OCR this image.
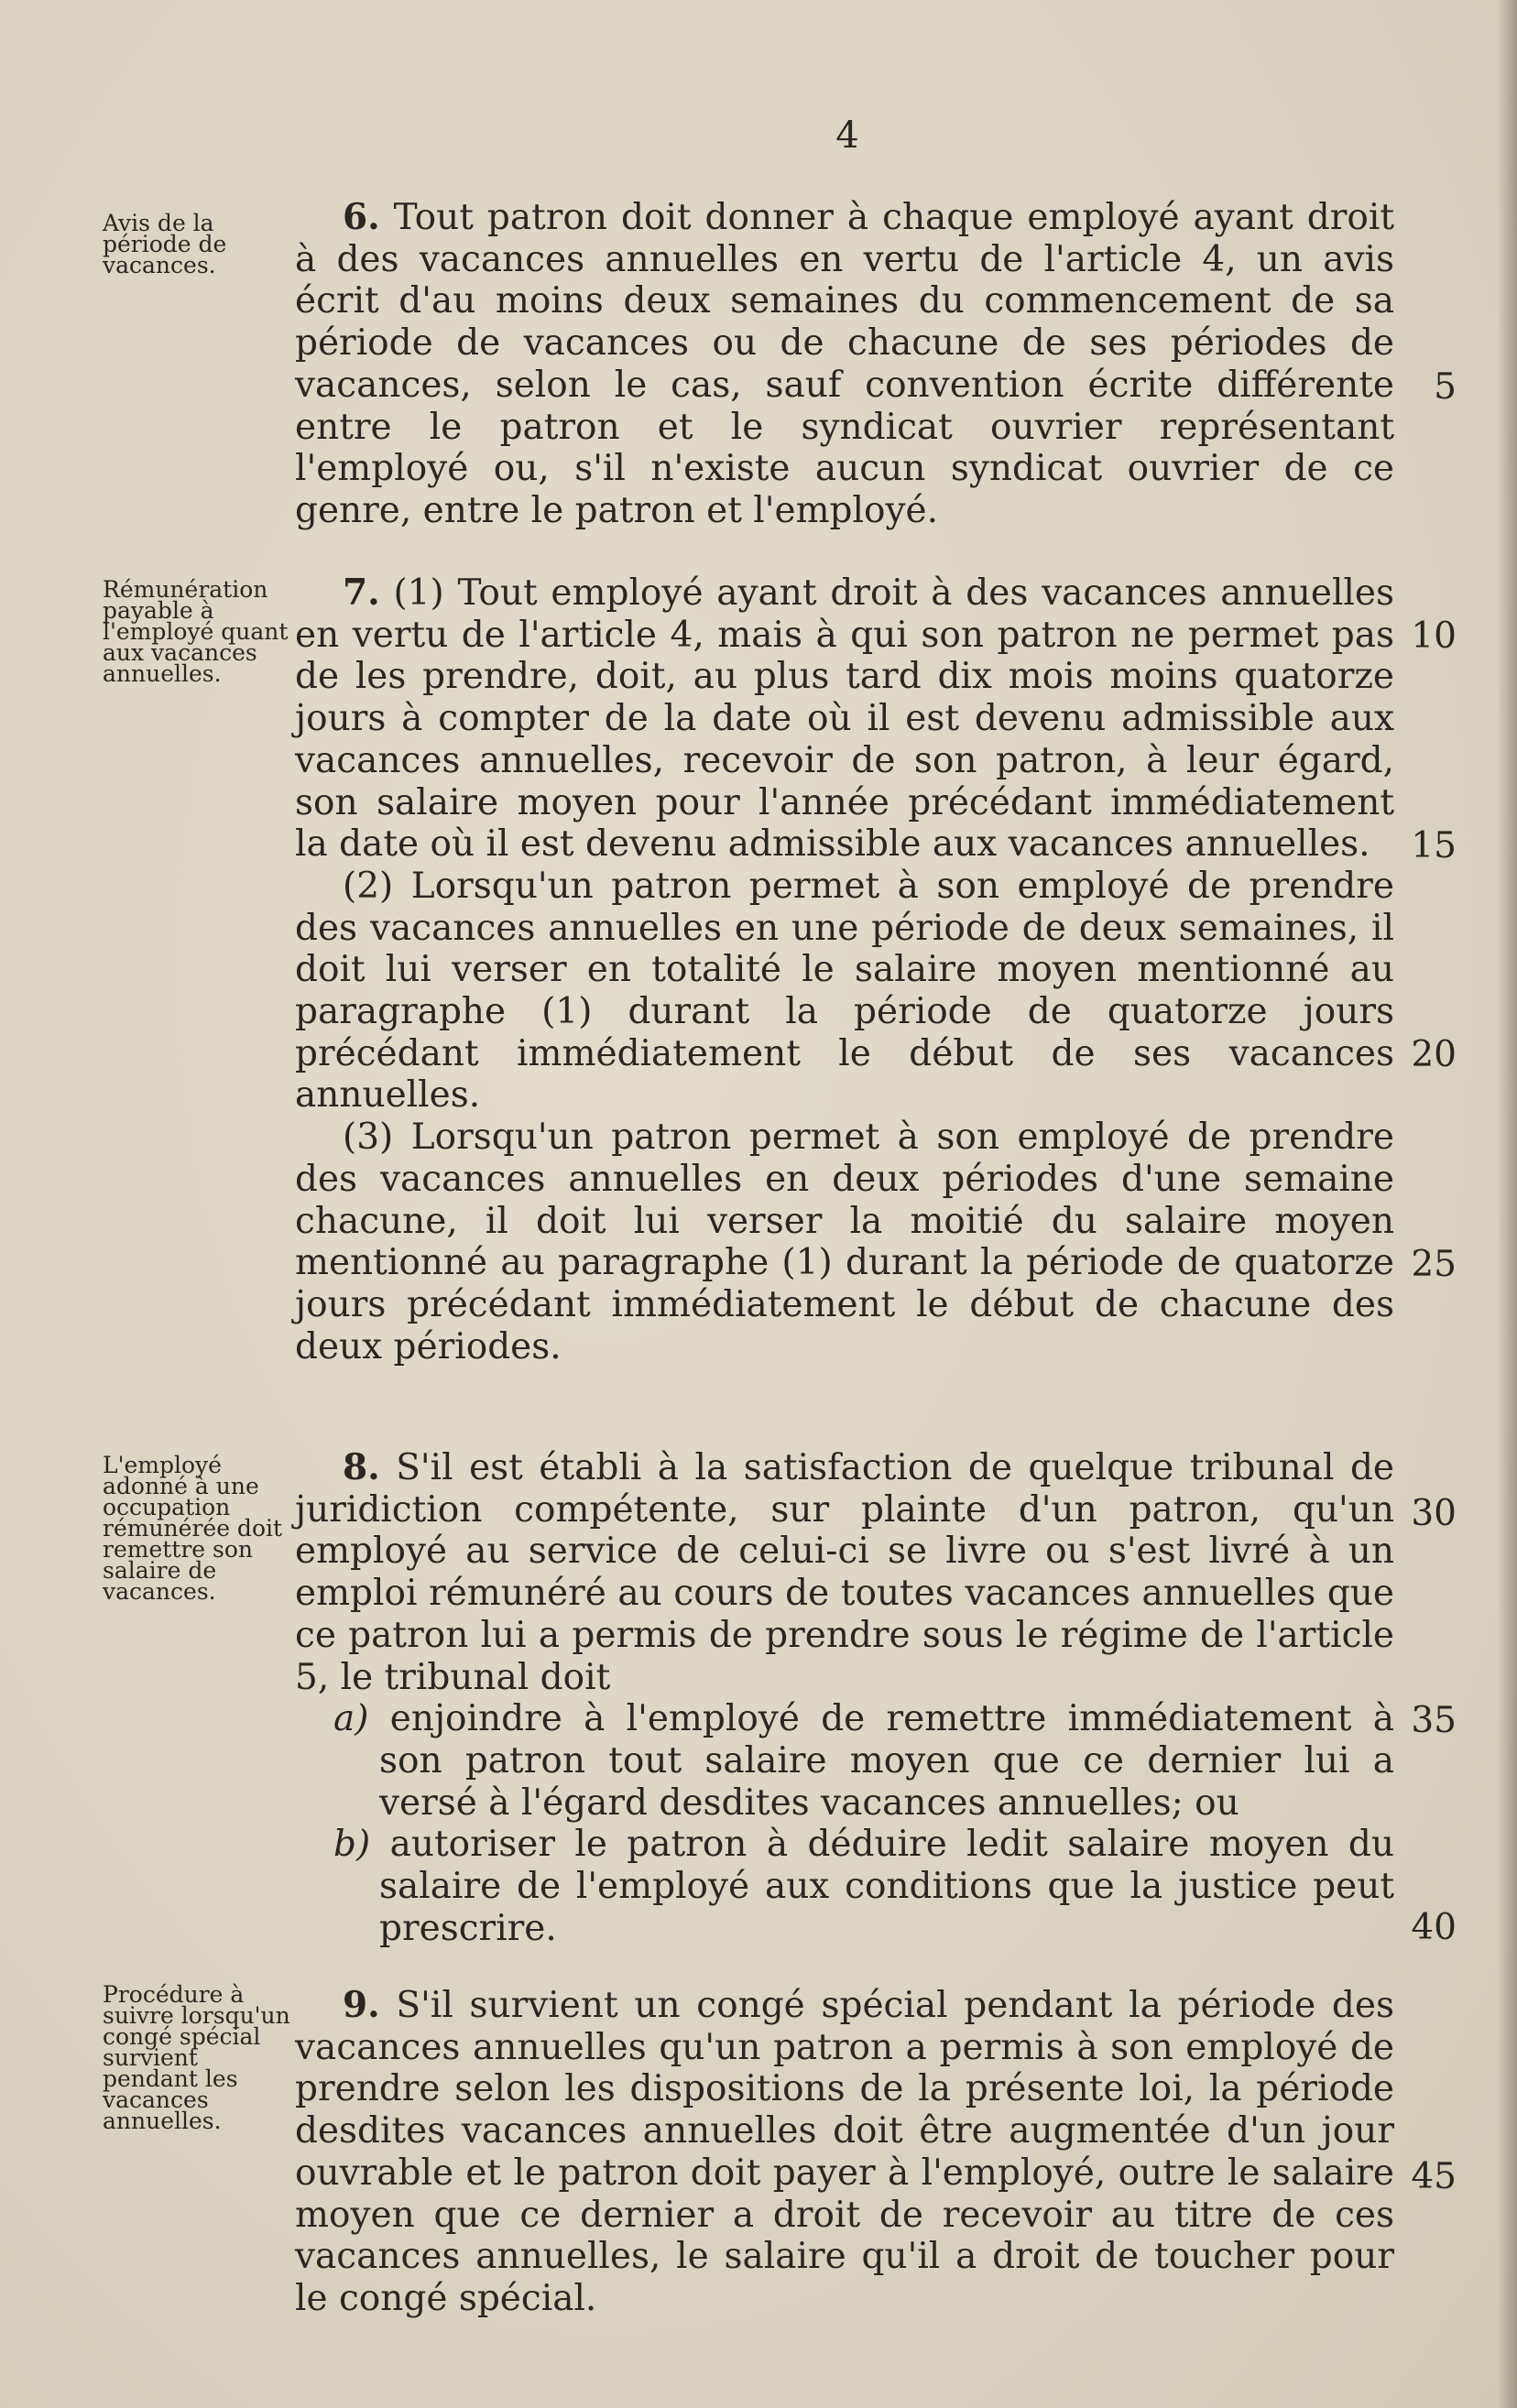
4
Avis de la période de vacances.
Rémunération payable à l'employé quant aux vacances annuelles.
L'employé adonné à une occupation rémunérée doit remettre son salaire de vacances.
Procédure à suivre lorsqu'un congé spécial survient pendant les vacances annuelles.

6. Tout patron doit donner à chaque employé ayant droit à des vacances annuelles en vertu de l'article 4, un avis écrit d'au moins deux semaines du commencement de sa période de vacances ou de chacune de ses périodes de vacances, selon le cas, sauf convention écrite différente entre le patron et le syndicat ouvrier représentant l'employé ou, s'il n'existe aucun syndicat ouvrier de ce genre, entre le patron et l'employé.

7. (1) Tout employé ayant droit à des vacances annuelles en vertu de l'article 4, mais à qui son patron ne permet pas de les prendre, doit, au plus tard dix mois moins quatorze jours à compter de la date où il est devenu admissible aux vacances annuelles, recevoir de son patron, à leur égard, son salaire moyen pour l'année précédant immédiatement la date où il est devenu admissible aux vacances annuelles.

(2) Lorsqu'un patron permet à son employé de prendre des vacances annuelles en une période de deux semaines, il doit lui verser en totalité le salaire moyen mentionné au paragraphe (1) durant la période de quatorze jours précédant immédiatement le début de ses vacances annuelles.

(3) Lorsqu'un patron permet à son employé de prendre des vacances annuelles en deux périodes d'une semaine chacune, il doit lui verser la moitié du salaire moyen mentionné au paragraphe (1) durant la période de quatorze jours précédant immédiatement le début de chacune des deux périodes.

8. S'il est établi à la satisfaction de quelque tribunal de juridiction compétente, sur plainte d'un patron, qu'un employé au service de celui-ci se livre ou s'est livré à un emploi rémunéré au cours de toutes vacances annuelles que ce patron lui a permis de prendre sous le régime de l'article 5, le tribunal doit

a) enjoindre à l'employé de remettre immédiatement à son patron tout salaire moyen que ce dernier lui a versé à l'égard desdites vacances annuelles; ou

b) autoriser le patron à déduire ledit salaire moyen du salaire de l'employé aux conditions que la justice peut prescrire.

9. S'il survient un congé spécial pendant la période des vacances annuelles qu'un patron a permis à son employé de prendre selon les dispositions de la présente loi, la période desdites vacances annuelles doit être augmentée d'un jour ouvrable et le patron doit payer à l'employé, outre le salaire moyen que ce dernier a droit de recevoir au titre de ces vacances annuelles, le salaire qu'il a droit de toucher pour le congé spécial.

5
10
15
20
25
30
35
40
45
